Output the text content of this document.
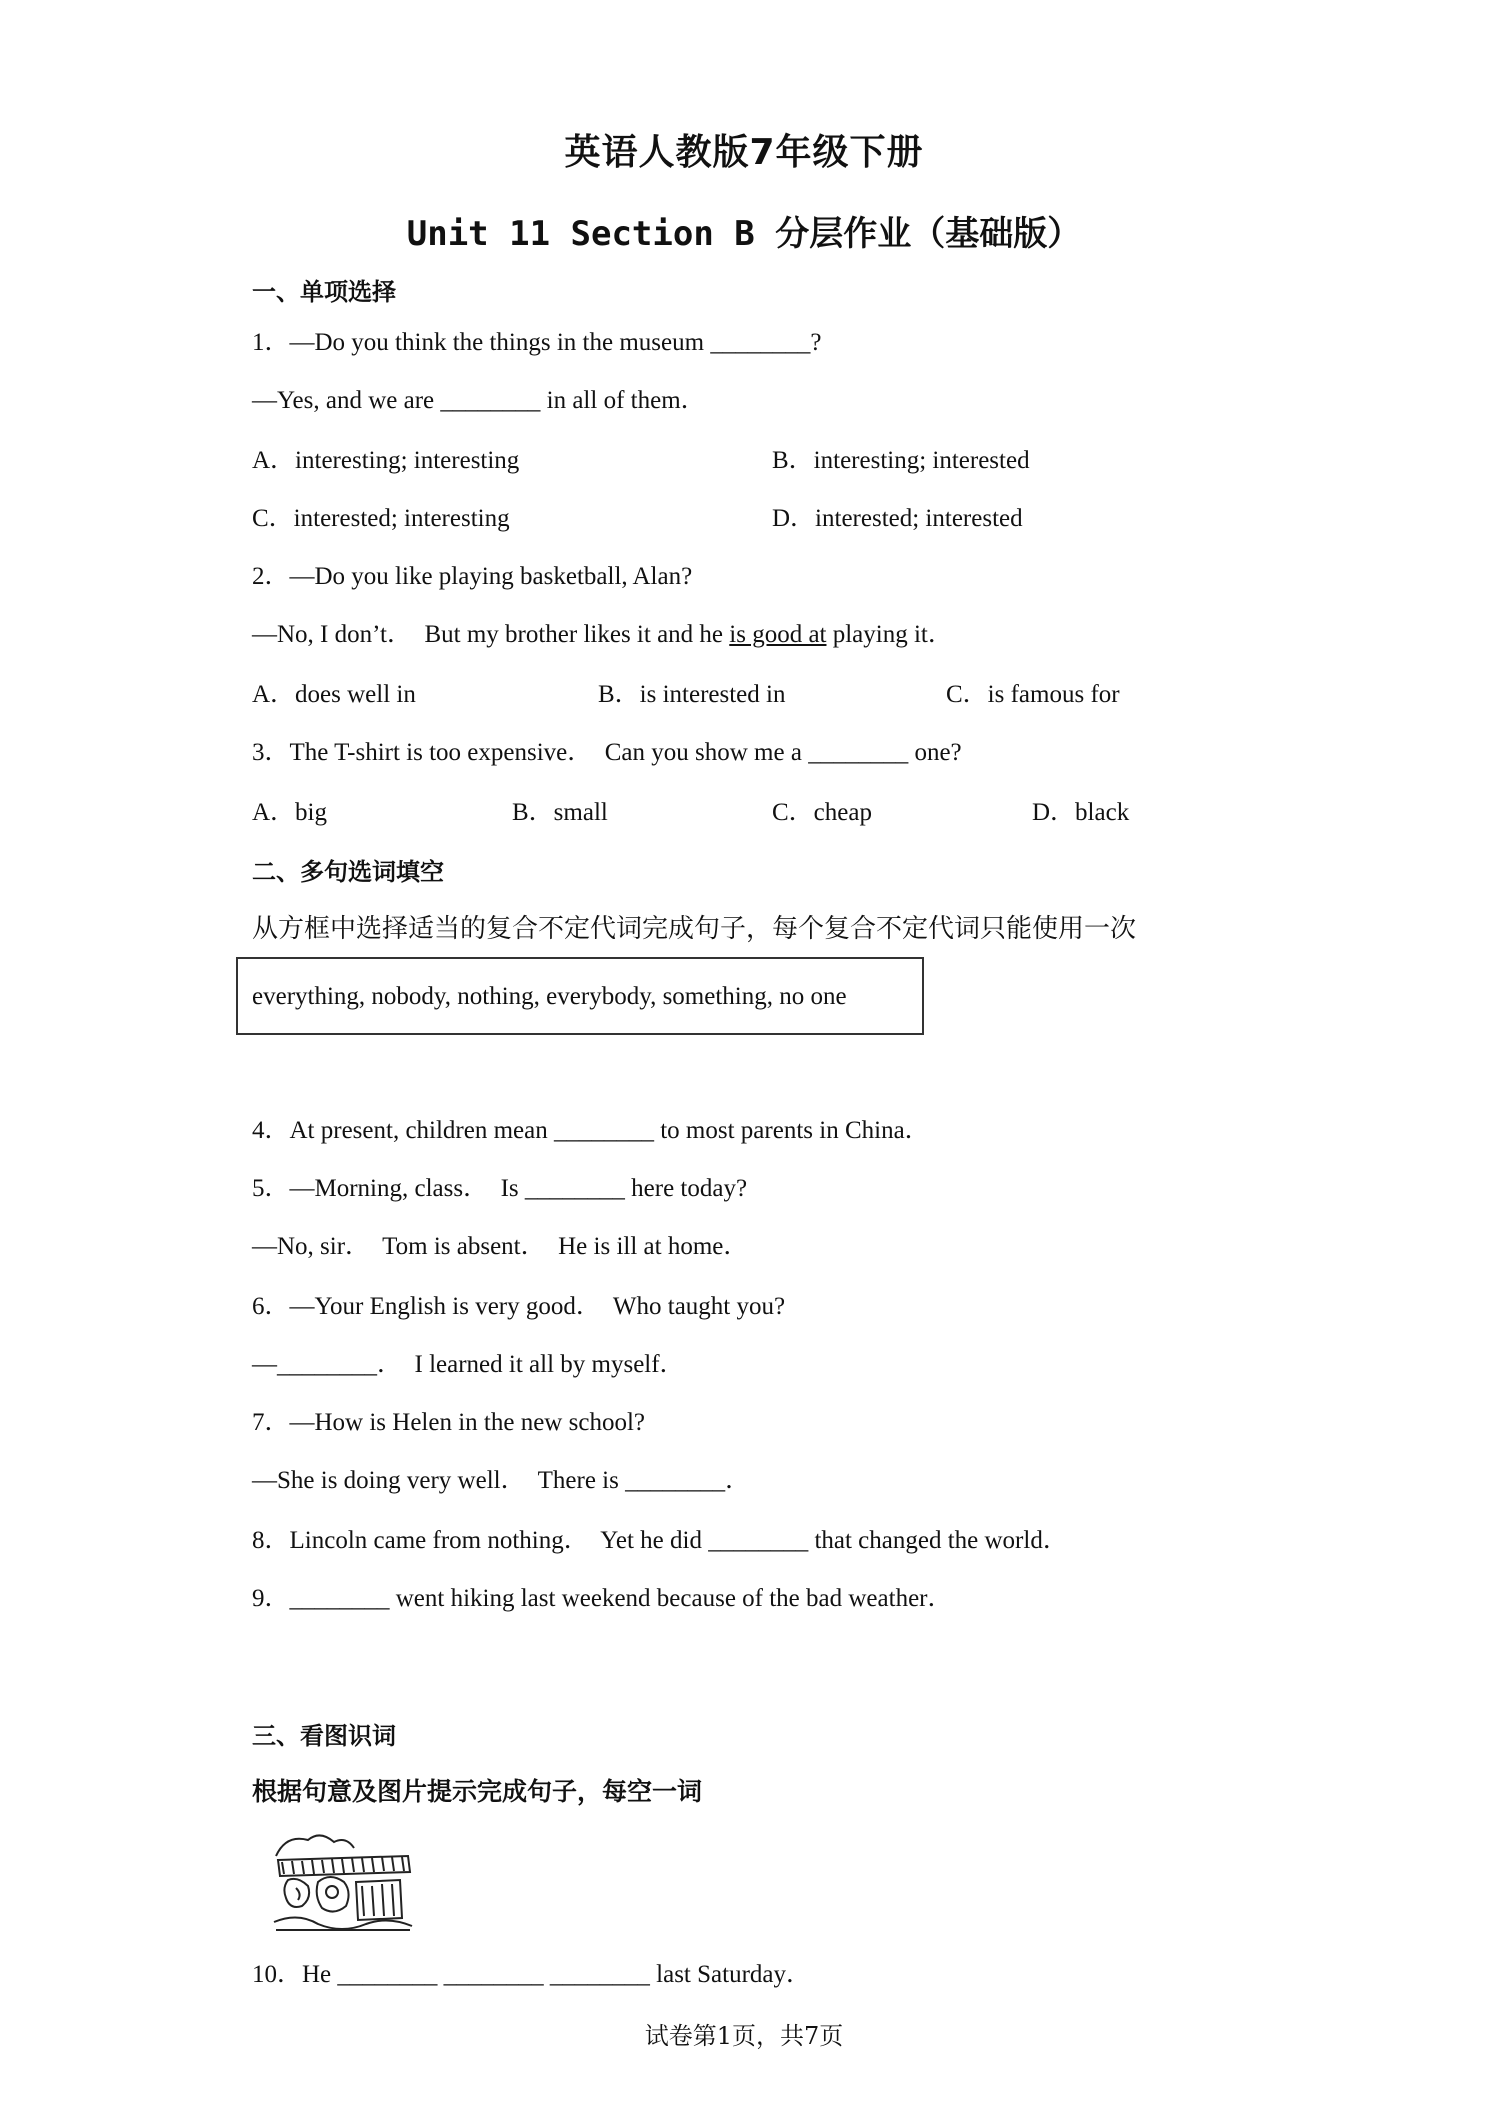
英语人教版7年级下册
Unit 11 Section B 分层作业（基础版）
一、单项选择
1．—Do you think the things in the museum ________?
—Yes, and we are ________ in all of them．
A．interesting; interesting	B．interesting; interested
C．interested; interesting	D．interested; interested
2．—Do you like playing basketball, Alan?
—No, I don’t．  But my brother likes it and he is good at playing it．
A．does well in	B．is interested in	C．is famous for
3．The T-shirt is too expensive．  Can you show me a ________ one?
A．big	B．small	C．cheap	D．black
二、多句选词填空
从方框中选择适当的复合不定代词完成句子，每个复合不定代词只能使用一次
everything, nobody, nothing, everybody, something, no one
4．At present, children mean ________ to most parents in China．
5．—Morning, class．  Is ________ here today?
—No, sir．  Tom is absent．  He is ill at home．
6．—Your English is very good．  Who taught you?
—________．  I learned it all by myself．
7．—How is Helen in the new school?
—She is doing very well．  There is ________．
8．Lincoln came from nothing．  Yet he did ________ that changed the world．
9．________ went hiking last weekend because of the bad weather．
三、看图识词
根据句意及图片提示完成句子，每空一词
10．He ________ ________ ________ last Saturday．
试卷第1页，共7页
